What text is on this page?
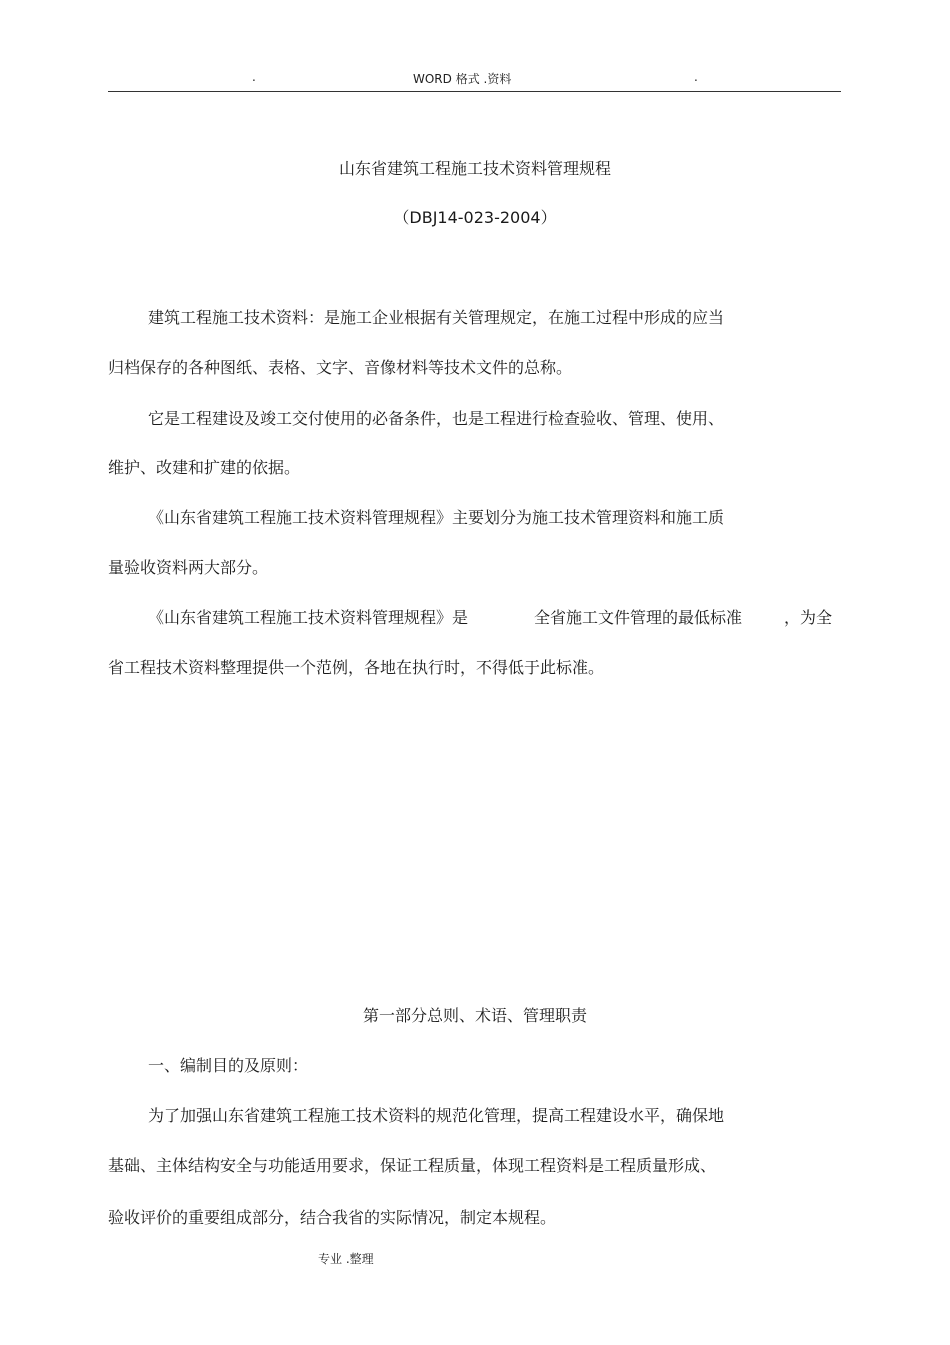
.	WORD 格式 .资料	.
山东省建筑工程施工技术资料管理规程
（DBJ14-023-2004）
建筑工程施工技术资料：是施工企业根据有关管理规定，在施工过程中形成的应当
归档保存的各种图纸、表格、文字、音像材料等技术文件的总称。
它是工程建设及竣工交付使用的必备条件，也是工程进行检查验收、管理、使用、
维护、改建和扩建的依据。
《山东省建筑工程施工技术资料管理规程》主要划分为施工技术管理资料和施工质
量验收资料两大部分。
《山东省建筑工程施工技术资料管理规程》是	全省施工文件管理的最低标准	，为全
省工程技术资料整理提供一个范例，各地在执行时，不得低于此标准。
第一部分总则、术语、管理职责
一、编制目的及原则：
为了加强山东省建筑工程施工技术资料的规范化管理，提高工程建设水平，确保地
基础、主体结构安全与功能适用要求，保证工程质量，体现工程资料是工程质量形成、
验收评价的重要组成部分，结合我省的实际情况，制定本规程。
专业 .整理
